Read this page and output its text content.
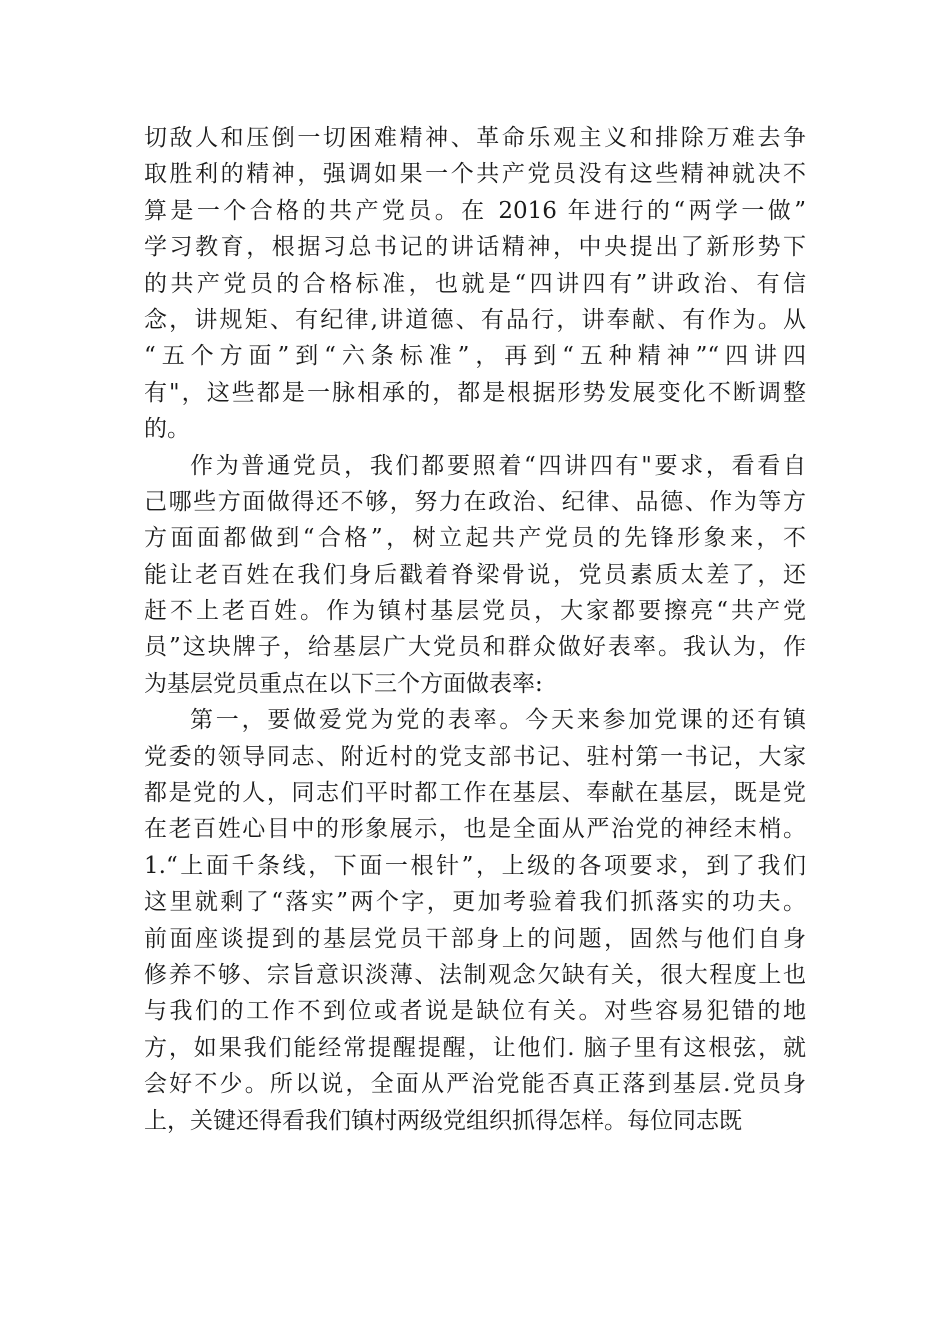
切敌人和压倒一切困难精神、革命乐观主义和排除万难去争
取胜利的精神，强调如果一个共产党员没有这些精神就决不
算是一个合格的共产党员。在 2016 年进行的“两学一做”
学习教育，根据习总书记的讲话精神，中央提出了新形势下
的共产党员的合格标准，也就是“四讲四有”讲政治、有信
念，讲规矩、有纪律,讲道德、有品行，讲奉献、有作为。从
“五个方面”到“六条标准”，再到“五种精神”“四讲四
有"，这些都是一脉相承的，都是根据形势发展变化不断调整
的。
作为普通党员，我们都要照着“四讲四有"要求，看看自
己哪些方面做得还不够，努力在政治、纪律、品德、作为等方
方面面都做到“合格”，树立起共产党员的先锋形象来，不
能让老百姓在我们身后戳着脊梁骨说，党员素质太差了，还
赶不上老百姓。作为镇村基层党员，大家都要擦亮“共产党
员”这块牌子，给基层广大党员和群众做好表率。我认为，作
为基层党员重点在以下三个方面做表率:
第一，要做爱党为党的表率。今天来参加党课的还有镇
党委的领导同志、附近村的党支部书记、驻村第一书记，大家
都是党的人，同志们平时都工作在基层、奉献在基层，既是党
在老百姓心目中的形象展示，也是全面从严治党的神经末梢。
1.“上面千条线，下面一根针”，上级的各项要求，到了我们
这里就剩了“落实”两个字，更加考验着我们抓落实的功夫。
前面座谈提到的基层党员干部身上的问题，固然与他们自身
修养不够、宗旨意识淡薄、法制观念欠缺有关，很大程度上也
与我们的工作不到位或者说是缺位有关。对些容易犯错的地
方，如果我们能经常提醒提醒，让他们. 脑子里有这根弦，就
会好不少。所以说，全面从严治党能否真正落到基层.党员身
上，关键还得看我们镇村两级党组织抓得怎样。每位同志既
